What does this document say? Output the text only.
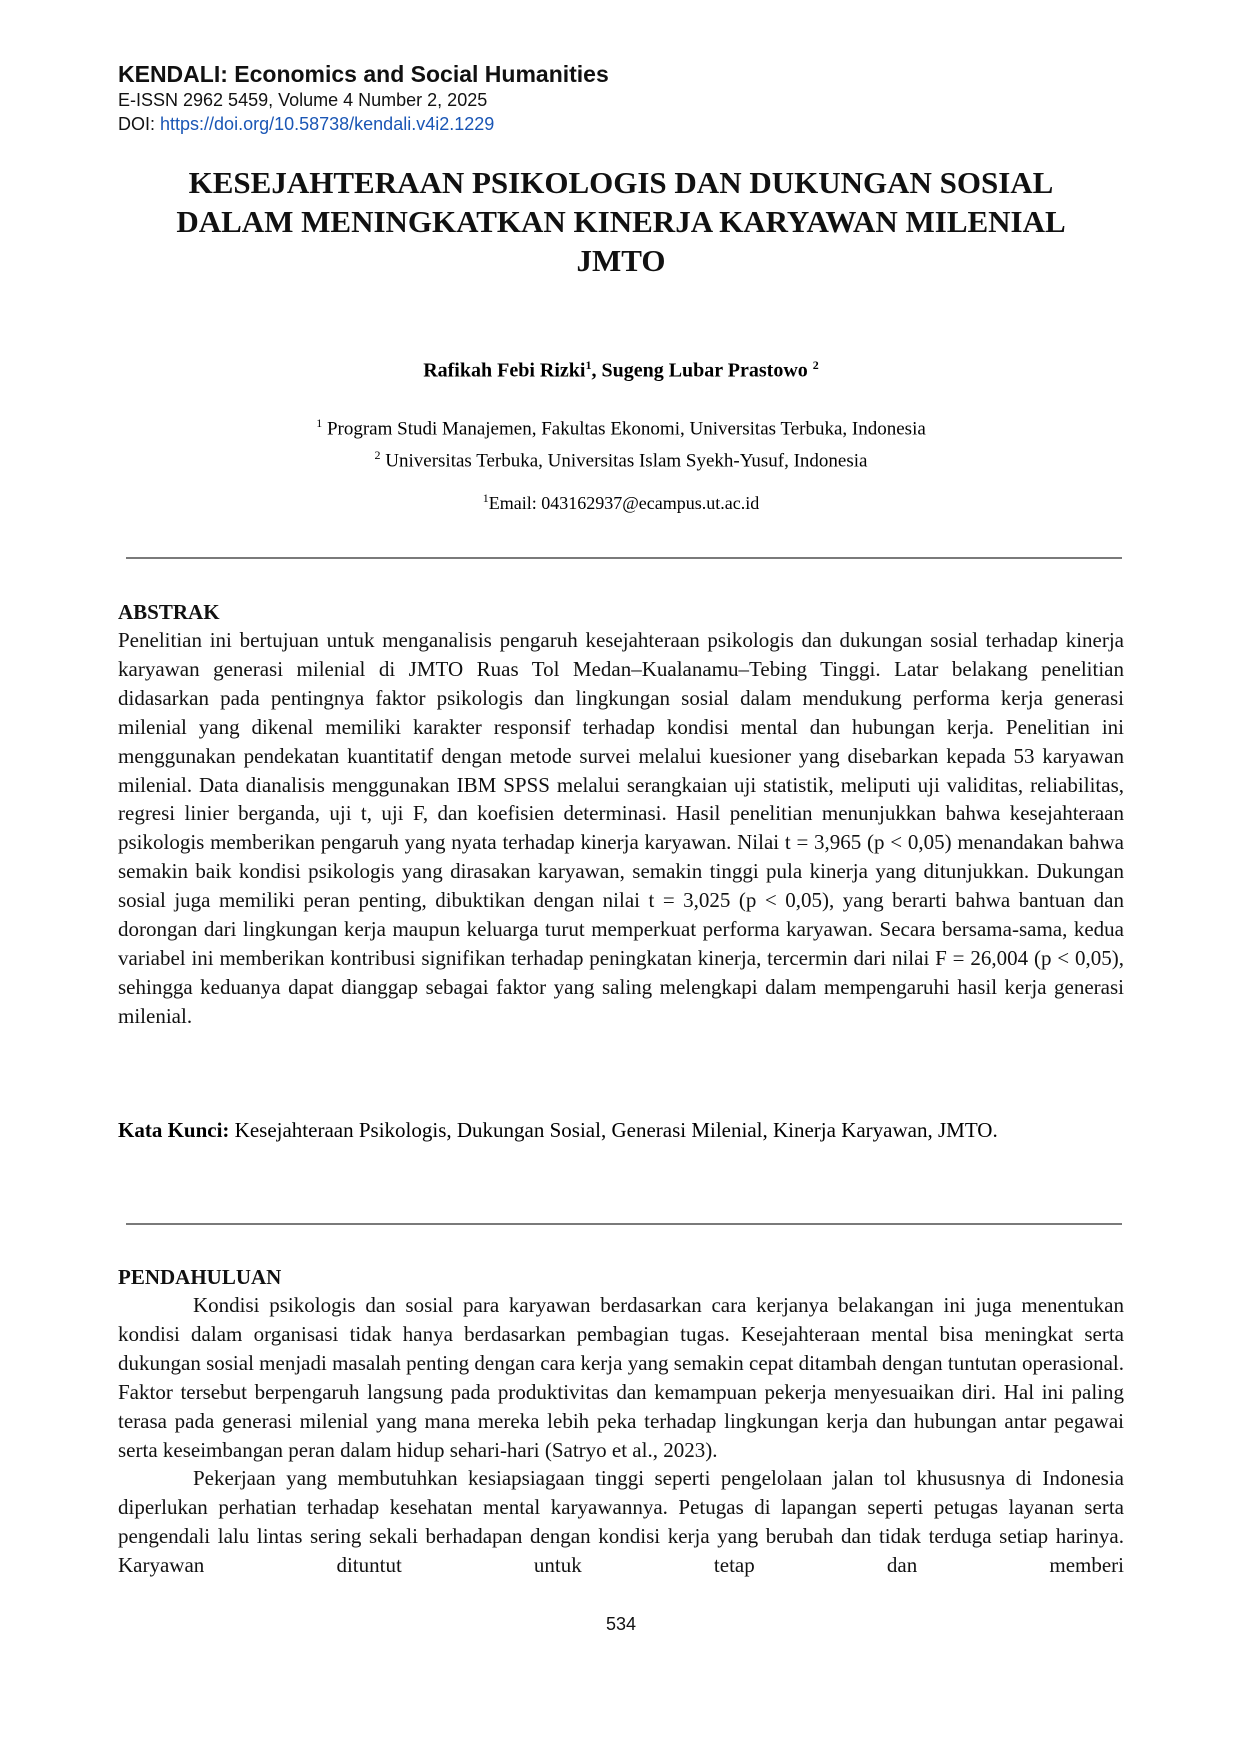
KENDALI: Economics and Social Humanities
E-ISSN 2962 5459, Volume 4 Number 2, 2025
DOI: https://doi.org/10.58738/kendali.v4i2.1229
KESEJAHTERAAN PSIKOLOGIS DAN DUKUNGAN SOSIAL
DALAM MENINGKATKAN KINERJA KARYAWAN MILENIAL
JMTO
Rafikah Febi Rizki$^1$, Sugeng Lubar Prastowo $^2$
$^1$ Program Studi Manajemen, Fakultas Ekonomi, Universitas Terbuka, Indonesia
$^2$ Universitas Terbuka, Universitas Islam Syekh-Yusuf, Indonesia
$^1$Email: 043162937@ecampus.ut.ac.id
ABSTRAK

Penelitian ini bertujuan untuk menganalisis pengaruh kesejahteraan psikologis dan dukungan sosial terhadap kinerja karyawan generasi milenial di JMTO Ruas Tol Medan–Kualanamu–Tebing Tinggi. Latar belakang penelitian didasarkan pada pentingnya faktor psikologis dan lingkungan sosial dalam mendukung performa kerja generasi milenial yang dikenal memiliki karakter responsif terhadap kondisi mental dan hubungan kerja. Penelitian ini menggunakan pendekatan kuantitatif dengan metode survei melalui kuesioner yang disebarkan kepada 53 karyawan milenial. Data dianalisis menggunakan IBM SPSS melalui serangkaian uji statistik, meliputi uji validitas, reliabilitas, regresi linier berganda, uji t, uji F, dan koefisien determinasi. Hasil penelitian menunjukkan bahwa kesejahteraan psikologis memberikan pengaruh yang nyata terhadap kinerja karyawan. Nilai t = 3,965 (p < 0,05) menandakan bahwa semakin baik kondisi psikologis yang dirasakan karyawan, semakin tinggi pula kinerja yang ditunjukkan. Dukungan sosial juga memiliki peran penting, dibuktikan dengan nilai t = 3,025 (p < 0,05), yang berarti bahwa bantuan dan dorongan dari lingkungan kerja maupun keluarga turut memperkuat performa karyawan. Secara bersama-sama, kedua variabel ini memberikan kontribusi signifikan terhadap peningkatan kinerja, tercermin dari nilai F = 26,004 (p < 0,05), sehingga keduanya dapat dianggap sebagai faktor yang saling melengkapi dalam mempengaruhi hasil kerja generasi milenial.

Kata Kunci: Kesejahteraan Psikologis, Dukungan Sosial, Generasi Milenial, Kinerja Karyawan, JMTO.
PENDAHULUAN

Kondisi psikologis dan sosial para karyawan berdasarkan cara kerjanya belakangan ini juga menentukan kondisi dalam organisasi tidak hanya berdasarkan pembagian tugas. Kesejahteraan mental bisa meningkat serta dukungan sosial menjadi masalah penting dengan cara kerja yang semakin cepat ditambah dengan tuntutan operasional. Faktor tersebut berpengaruh langsung pada produktivitas dan kemampuan pekerja menyesuaikan diri. Hal ini paling terasa pada generasi milenial yang mana mereka lebih peka terhadap lingkungan kerja dan hubungan antar pegawai serta keseimbangan peran dalam hidup sehari-hari (Satryo et al., 2023).

Pekerjaan yang membutuhkan kesiapsiagaan tinggi seperti pengelolaan jalan tol khususnya di Indonesia diperlukan perhatian terhadap kesehatan mental karyawannya. Petugas di lapangan seperti petugas layanan serta pengendali lalu lintas sering sekali berhadapan dengan kondisi kerja yang berubah dan tidak terduga setiap harinya. Karyawan dituntut untuk tetap dan memberi

534
